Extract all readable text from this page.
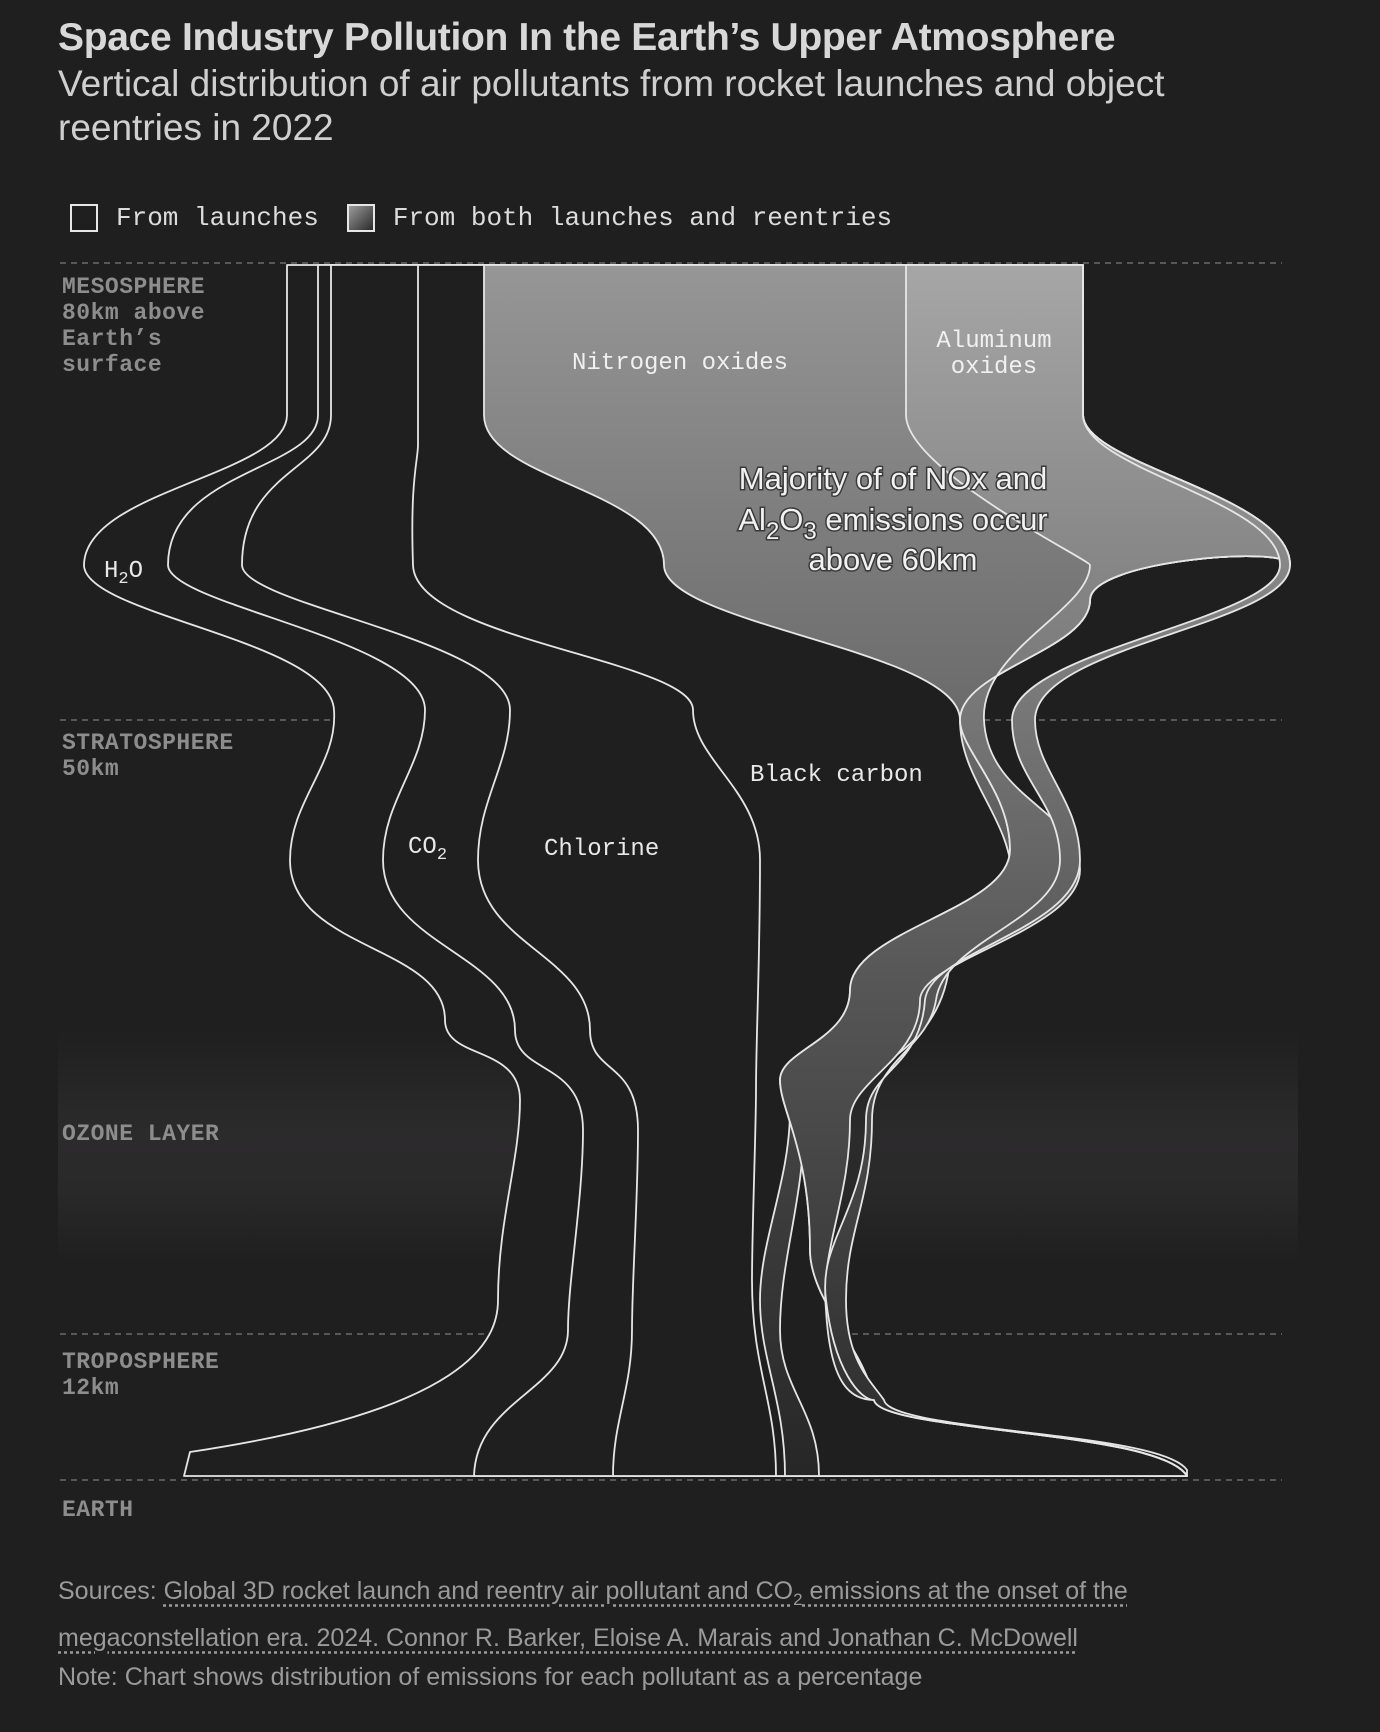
Space Industry Pollution In the Earth’s Upper Atmosphere

Vertical distribution of air pollutants from rocket launches and object reentries in 2022

From launches	From both launches and reentries
MESOSPHERE
80km above
Earth’s
surface
STRATOSPHERE
50km
OZONE LAYER
TROPOSPHERE
12km
EARTH
$H_2O$
$CO_2$	Chlorine
Black carbon
Nitrogen oxides
Aluminum
oxides
Majority of of NOx and
$Al_2O_3$ emissions occur
above 60km

Sources: Global 3D rocket launch and reentry air pollutant and $CO_2$ emissions at the onset of the megaconstellation era. 2024. Connor R. Barker, Eloise A. Marais and Jonathan C. McDowell

Note: Chart shows distribution of emissions for each pollutant as a percentage
